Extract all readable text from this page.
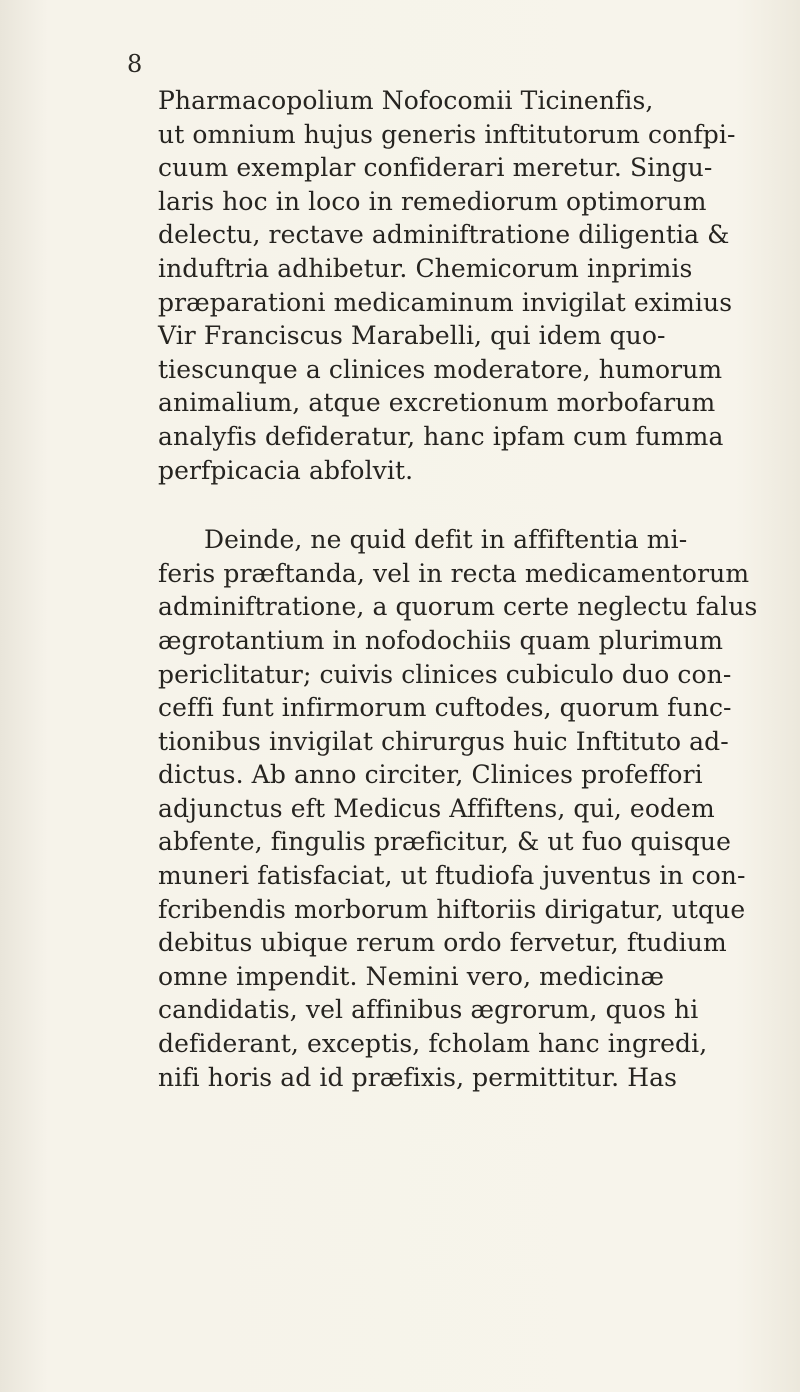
8
Pharmacopolium Nofocomii Ticinenfis,
ut omnium hujus generis inftitutorum confpi-
cuum exemplar confiderari meretur. Singu-
laris hoc in loco in remediorum optimorum
delectu, rectave adminiftratione diligentia &
induftria adhibetur. Chemicorum inprimis
præparationi medicaminum invigilat eximius
Vir Franciscus Marabelli, qui idem quo-
tiescunque a clinices moderatore, humorum
animalium, atque excretionum morbofarum
analyfis defideratur, hanc ipfam cum fumma
perfpicacia abfolvit.
Deinde, ne quid defit in affiftentia mi-
feris præftanda, vel in recta medicamentorum
adminiftratione, a quorum certe neglectu falus
ægrotantium in nofodochiis quam plurimum
periclitatur; cuivis clinices cubiculo duo con-
ceffi funt infirmorum cuftodes, quorum func-
tionibus invigilat chirurgus huic Inftituto ad-
dictus. Ab anno circiter, Clinices profeffori
adjunctus eft Medicus Affiftens, qui, eodem
abfente, fingulis præficitur, & ut fuo quisque
muneri fatisfaciat, ut ftudiofa juventus in con-
fcribendis morborum hiftoriis dirigatur, utque
debitus ubique rerum ordo fervetur, ftudium
omne impendit. Nemini vero, medicinæ
candidatis, vel affinibus ægrorum, quos hi
defiderant, exceptis, fcholam hanc ingredi,
nifi horis ad id præfixis, permittitur. Has
